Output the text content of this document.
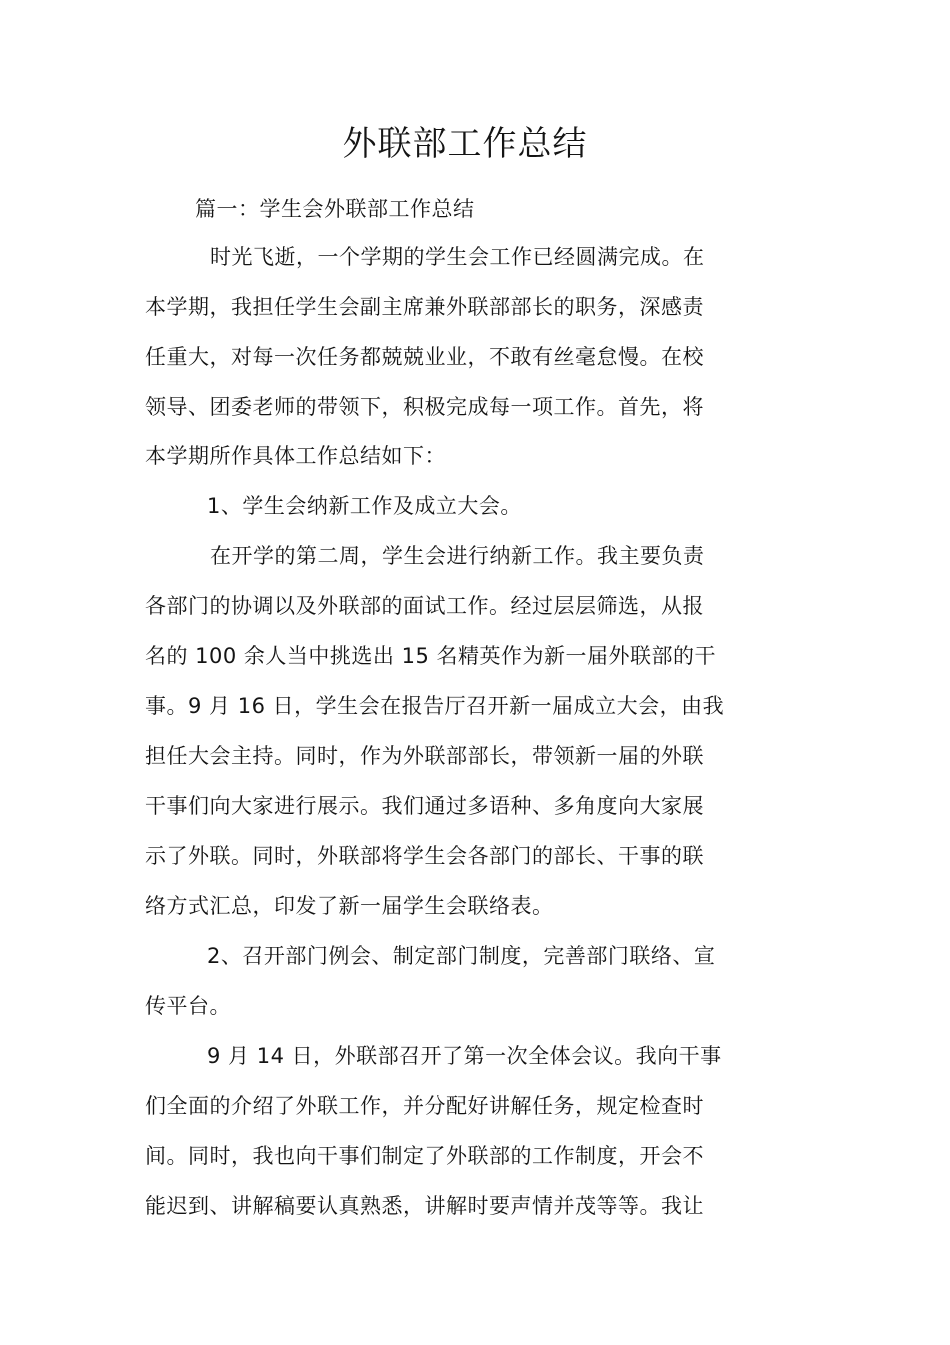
外联部工作总结

篇一：学生会外联部工作总结

时光飞逝，一个学期的学生会工作已经圆满完成。在

本学期，我担任学生会副主席兼外联部部长的职务，深感责

任重大，对每一次任务都兢兢业业，不敢有丝毫怠慢。在校

领导、团委老师的带领下，积极完成每一项工作。首先，将

本学期所作具体工作总结如下：

1、学生会纳新工作及成立大会。

在开学的第二周，学生会进行纳新工作。我主要负责

各部门的协调以及外联部的面试工作。经过层层筛选，从报

名的 100 余人当中挑选出 15 名精英作为新一届外联部的干

事。9 月 16 日，学生会在报告厅召开新一届成立大会，由我

担任大会主持。同时，作为外联部部长，带领新一届的外联

干事们向大家进行展示。我们通过多语种、多角度向大家展

示了外联。同时，外联部将学生会各部门的部长、干事的联

络方式汇总，印发了新一届学生会联络表。

2、召开部门例会、制定部门制度，完善部门联络、宣

传平台。

9 月 14 日，外联部召开了第一次全体会议。我向干事

们全面的介绍了外联工作，并分配好讲解任务，规定检查时

间。同时，我也向干事们制定了外联部的工作制度，开会不

能迟到、讲解稿要认真熟悉，讲解时要声情并茂等等。我让
